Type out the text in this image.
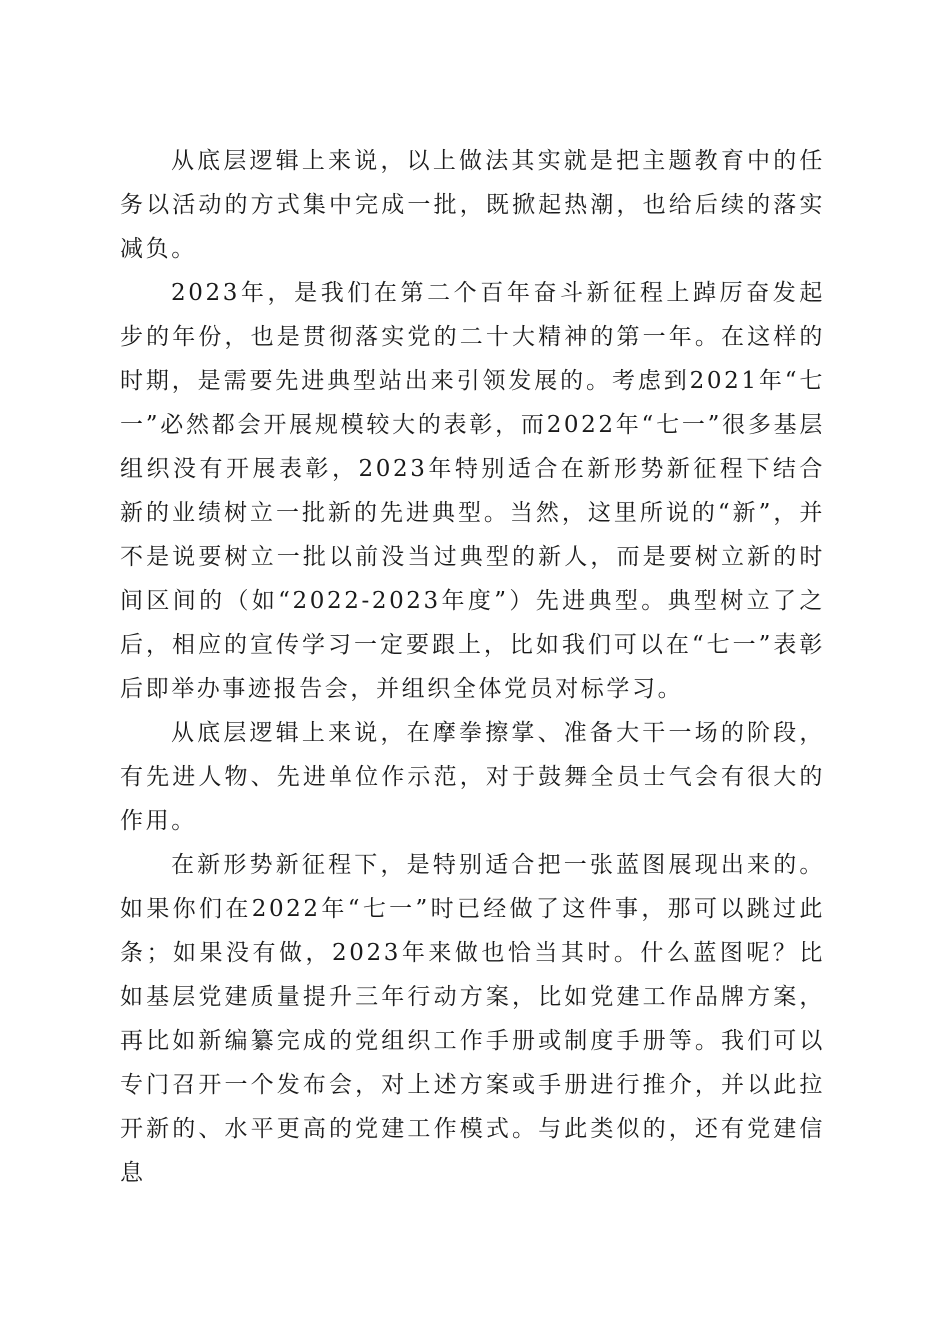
从底层逻辑上来说，以上做法其实就是把主题教育中的任务以活动的方式集中完成一批，既掀起热潮，也给后续的落实减负。

2023年，是我们在第二个百年奋斗新征程上踔厉奋发起步的年份，也是贯彻落实党的二十大精神的第一年。在这样的时期，是需要先进典型站出来引领发展的。考虑到2021年“七一”必然都会开展规模较大的表彰，而2022年“七一”很多基层组织没有开展表彰，2023年特别适合在新形势新征程下结合新的业绩树立一批新的先进典型。当然，这里所说的“新”，并不是说要树立一批以前没当过典型的新人，而是要树立新的时间区间的（如“2022-2023年度”）先进典型。典型树立了之后，相应的宣传学习一定要跟上，比如我们可以在“七一”表彰后即举办事迹报告会，并组织全体党员对标学习。

从底层逻辑上来说，在摩拳擦掌、准备大干一场的阶段，有先进人物、先进单位作示范，对于鼓舞全员士气会有很大的作用。

在新形势新征程下，是特别适合把一张蓝图展现出来的。如果你们在2022年“七一”时已经做了这件事，那可以跳过此条；如果没有做，2023年来做也恰当其时。什么蓝图呢？比如基层党建质量提升三年行动方案，比如党建工作品牌方案，再比如新编纂完成的党组织工作手册或制度手册等。我们可以专门召开一个发布会，对上述方案或手册进行推介，并以此拉开新的、水平更高的党建工作模式。与此类似的，还有党建信息
